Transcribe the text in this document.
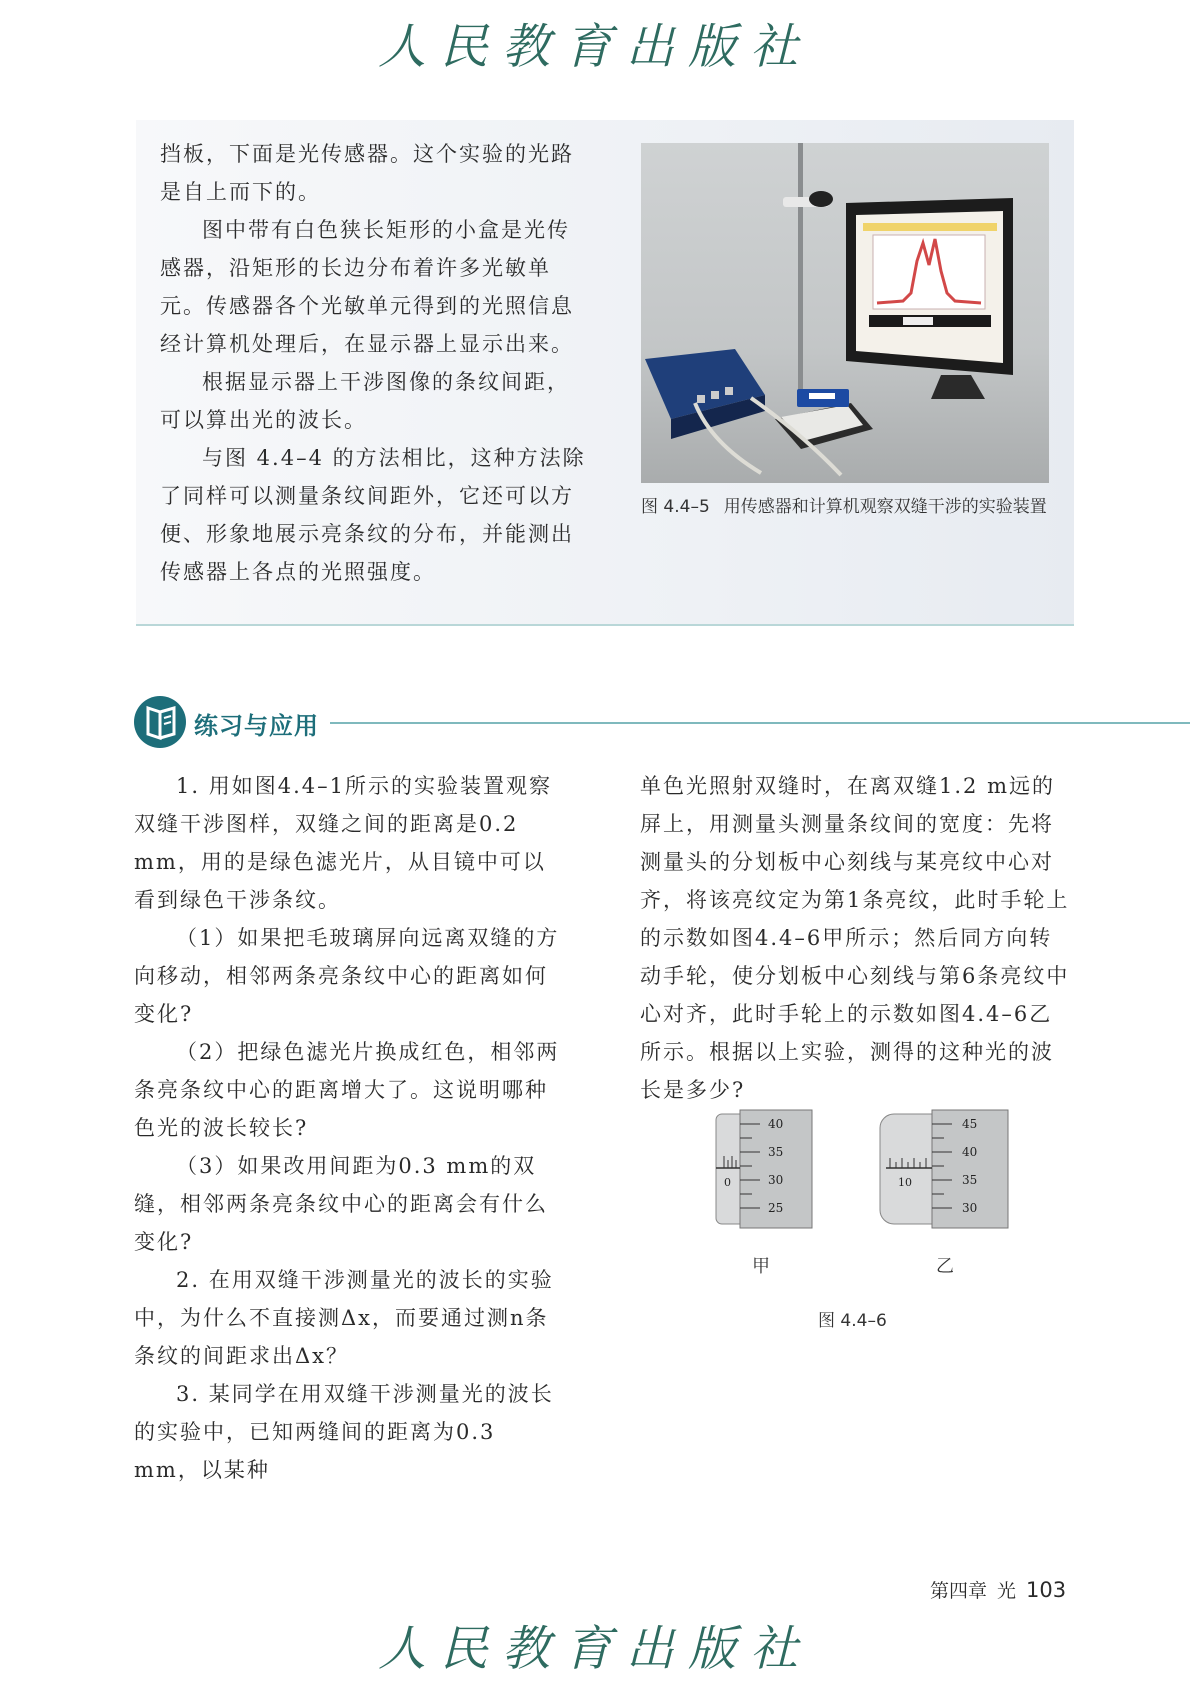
人民教育出版社

挡板，下面是光传感器。这个实验的光路是自上而下的。

图中带有白色狭长矩形的小盒是光传感器，沿矩形的长边分布着许多光敏单元。传感器各个光敏单元得到的光照信息经计算机处理后，在显示器上显示出来。

根据显示器上干涉图像的条纹间距，可以算出光的波长。

与图 4.4–4 的方法相比，这种方法除了同样可以测量条纹间距外，它还可以方便、形象地展示亮条纹的分布，并能测出传感器上各点的光照强度。

图 4.4–5 用传感器和计算机观察双缝干涉的实验装置
练习与应用

1. 用如图4.4–1所示的实验装置观察双缝干涉图样，双缝之间的距离是0.2 mm，用的是绿色滤光片，从目镜中可以看到绿色干涉条纹。

（1）如果把毛玻璃屏向远离双缝的方向移动，相邻两条亮条纹中心的距离如何变化?

（2）把绿色滤光片换成红色，相邻两条亮条纹中心的距离增大了。这说明哪种色光的波长较长?

（3）如果改用间距为0.3 mm的双缝，相邻两条亮条纹中心的距离会有什么变化?

2. 在用双缝干涉测量光的波长的实验中，为什么不直接测Δx，而要通过测n条条纹的间距求出Δx？

3. 某同学在用双缝干涉测量光的波长的实验中，已知两缝间的距离为0.3 mm，以某种

单色光照射双缝时，在离双缝1.2 m远的屏上，用测量头测量条纹间的宽度：先将测量头的分划板中心刻线与某亮纹中心对齐，将该亮纹定为第1条亮纹，此时手轮上的示数如图4.4–6甲所示；然后同方向转动手轮，使分划板中心刻线与第6条亮纹中心对齐，此时手轮上的示数如图4.4–6乙所示。根据以上实验，测得的这种光的波长是多少?

0
40
35
30
25
10
45
40
35
30
甲	乙
图 4.4–6
第四章 光 103
人民教育出版社
